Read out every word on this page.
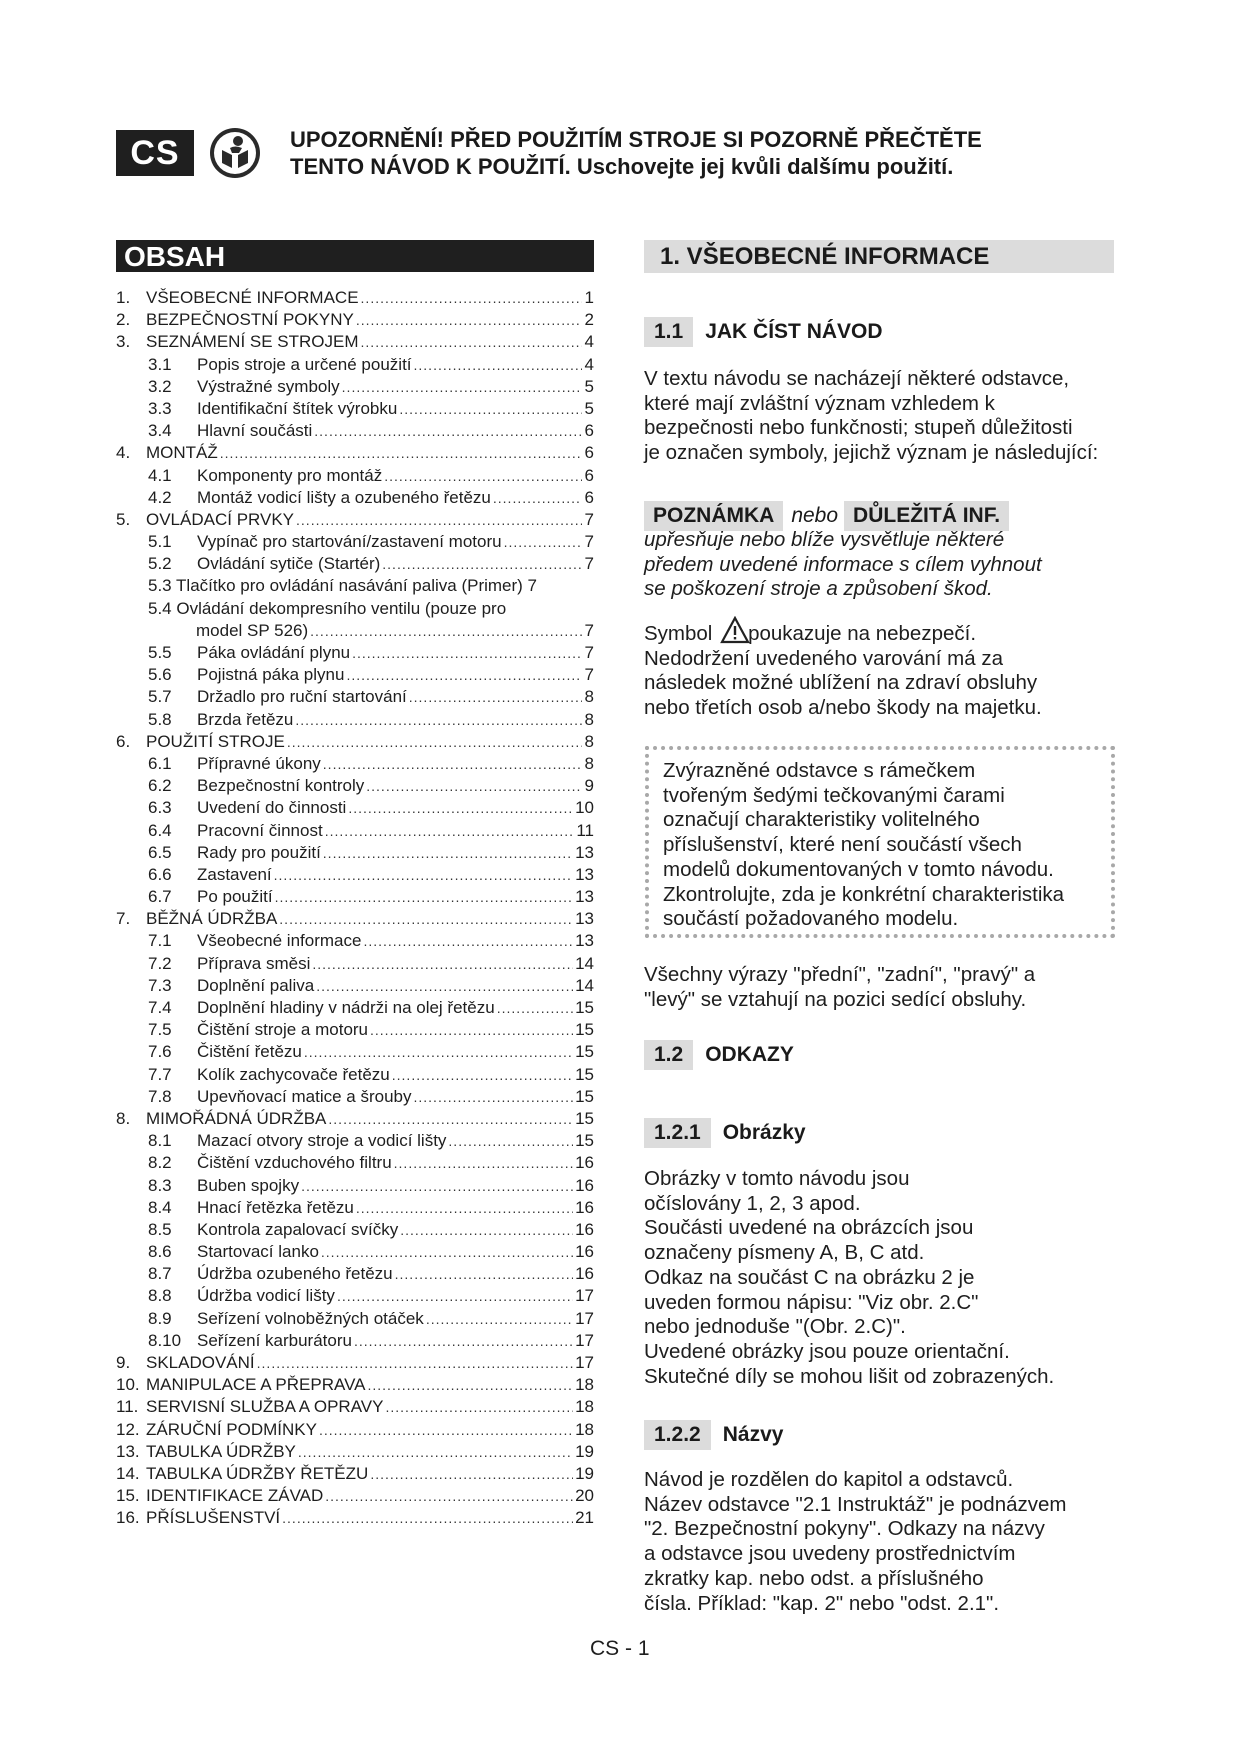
CS	UPOZORNĚNÍ! PŘED POUŽITÍM STROJE SI POZORNĚ PŘEČTĚTE
TENTO NÁVOD K POUŽITÍ. Uschovejte jej kvůli dalšímu použití.
OBSAH
1. VŠEOBECNÉ INFORMACE .....	1
2. BEZPEČNOSTNÍ POKYNY .....	2
3. SEZNÁMENÍ SE STROJEM .....	4
3.1	Popis stroje a určené použití .....	4
3.2	Výstražné symboly .....	5
3.3	Identifikační štítek výrobku .....	5
3.4	Hlavní součásti .....	6
4. MONTÁŽ .....	6
4.1	Komponenty pro montáž .....	6
4.2	Montáž vodicí lišty a ozubeného řetězu .....	6
5. OVLÁDACÍ PRVKY .....	7
5.1	Vypínač pro startování/zastavení motoru .....	7
5.2	Ovládání sytiče (Startér) .....	7
5.3 Tlačítko pro ovládání nasávání paliva (Primer) 7
5.4 Ovládání dekompresního ventilu (pouze pro
model SP 526) .....	7
5.5	Páka ovládání plynu .....	7
5.6	Pojistná páka plynu .....	7
5.7	Držadlo pro ruční startování .....	8
5.8	Brzda řetězu .....	8
6. POUŽITÍ STROJE .....	8
6.1	Přípravné úkony .....	8
6.2	Bezpečnostní kontroly .....	9
6.3	Uvedení do činnosti .....	10
6.4	Pracovní činnost .....	11
6.5	Rady pro použití .....	13
6.6	Zastavení .....	13
6.7	Po použití .....	13
7. BĚŽNÁ ÚDRŽBA .....	13
7.1	Všeobecné informace .....	13
7.2	Příprava směsi .....	14
7.3	Doplnění paliva .....	14
7.4	Doplnění hladiny v nádrži na olej řetězu .....	15
7.5	Čištění stroje a motoru .....	15
7.6	Čištění řetězu .....	15
7.7	Kolík zachycovače řetězu .....	15
7.8	Upevňovací matice a šrouby .....	15
8. MIMOŘÁDNÁ ÚDRŽBA .....	15
8.1	Mazací otvory stroje a vodicí lišty .....	15
8.2	Čištění vzduchového filtru .....	16
8.3	Buben spojky .....	16
8.4	Hnací řetězka řetězu .....	16
8.5	Kontrola zapalovací svíčky .....	16
8.6	Startovací lanko .....	16
8.7	Údržba ozubeného řetězu .....	16
8.8	Údržba vodicí lišty .....	17
8.9	Seřízení volnoběžných otáček .....	17
8.10 Seřízení karburátoru .....	17
9. SKLADOVÁNÍ .....	17
10. MANIPULACE A PŘEPRAVA .....	18
11. SERVISNÍ SLUŽBA A OPRAVY .....	18
12. ZÁRUČNÍ PODMÍNKY .....	18
13. TABULKA ÚDRŽBY .....	19
14. TABULKA ÚDRŽBY ŘETĚZU .....	19
15. IDENTIFIKACE ZÁVAD .....	20
16. PŘÍSLUŠENSTVÍ .....	21
1. VŠEOBECNÉ INFORMACE
1.1	JAK ČÍST NÁVOD
V textu návodu se nacházejí některé odstavce,
které mají zvláštní význam vzhledem k
bezpečnosti nebo funkčnosti; stupeň důležitosti
je označen symboly, jejichž význam je následující:
POZNÁMKA nebo DŮLEŽITÁ INF.
upřesňuje nebo blíže vysvětluje některé
předem uvedené informace s cílem vyhnout
se poškození stroje a způsobení škod.
Symbol poukazuje na nebezpečí.
Nedodržení uvedeného varování má za
následek možné ublížení na zdraví obsluhy
nebo třetích osob a/nebo škody na majetku.
Zvýrazněné odstavce s rámečkem
tvořeným šedými tečkovanými čarami
označují charakteristiky volitelného
příslušenství, které není součástí všech
modelů dokumentovaných v tomto návodu.
Zkontrolujte, zda je konkrétní charakteristika
součástí požadovaného modelu.
Všechny výrazy "přední", "zadní", "pravý" a
"levý" se vztahují na pozici sedící obsluhy.
1.2	ODKAZY
1.2.1	Obrázky
Obrázky v tomto návodu jsou
očíslovány 1, 2, 3 apod.
Součásti uvedené na obrázcích jsou
označeny písmeny A, B, C atd.
Odkaz na součást C na obrázku 2 je
uveden formou nápisu: "Viz obr. 2.C"
nebo jednoduše "(Obr. 2.C)".
Uvedené obrázky jsou pouze orientační.
Skutečné díly se mohou lišit od zobrazených.
1.2.2	Názvy
Návod je rozdělen do kapitol a odstavců.
Název odstavce "2.1 Instruktáž" je podnázvem
"2. Bezpečnostní pokyny". Odkazy na názvy
a odstavce jsou uvedeny prostřednictvím
zkratky kap. nebo odst. a příslušného
čísla. Příklad: "kap. 2" nebo "odst. 2.1".
CS - 1
